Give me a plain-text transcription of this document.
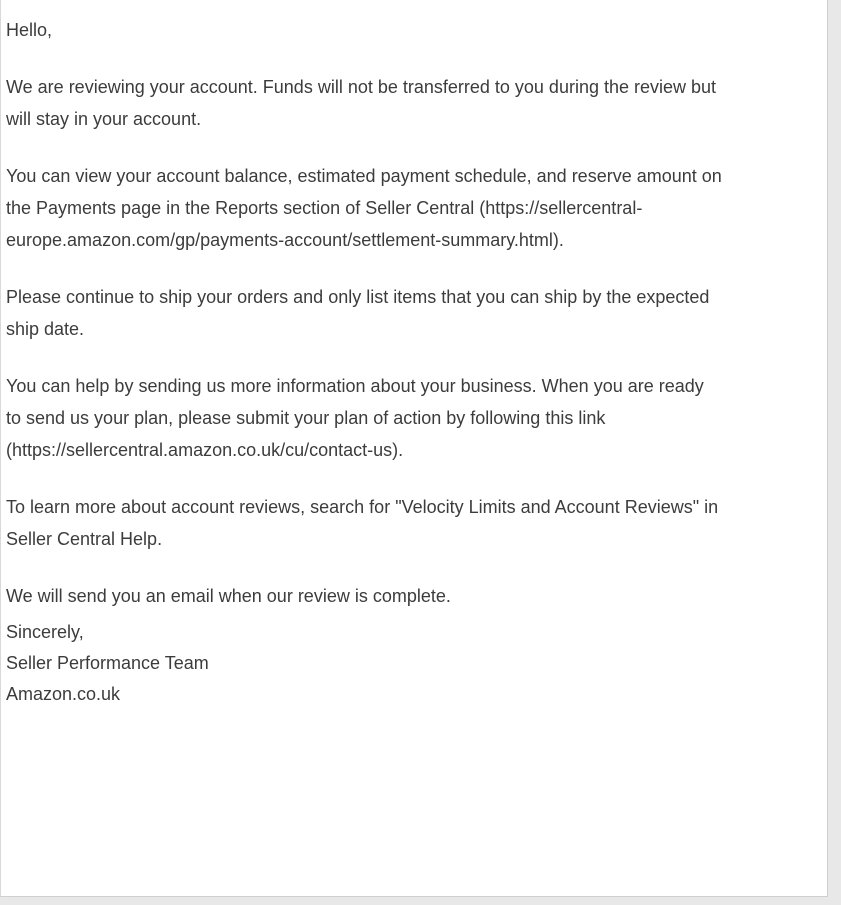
Hello,

We are reviewing your account. Funds will not be transferred to you during the review but
will stay in your account.

You can view your account balance, estimated payment schedule, and reserve amount on
the Payments page in the Reports section of Seller Central (https://sellercentral-
europe.amazon.com/gp/payments-account/settlement-summary.html).

Please continue to ship your orders and only list items that you can ship by the expected
ship date.

You can help by sending us more information about your business. When you are ready
to send us your plan, please submit your plan of action by following this link
(https://sellercentral.amazon.co.uk/cu/contact-us).

To learn more about account reviews, search for "Velocity Limits and Account Reviews" in
Seller Central Help.

We will send you an email when our review is complete.

Sincerely,

Seller Performance Team

Amazon.co.uk
